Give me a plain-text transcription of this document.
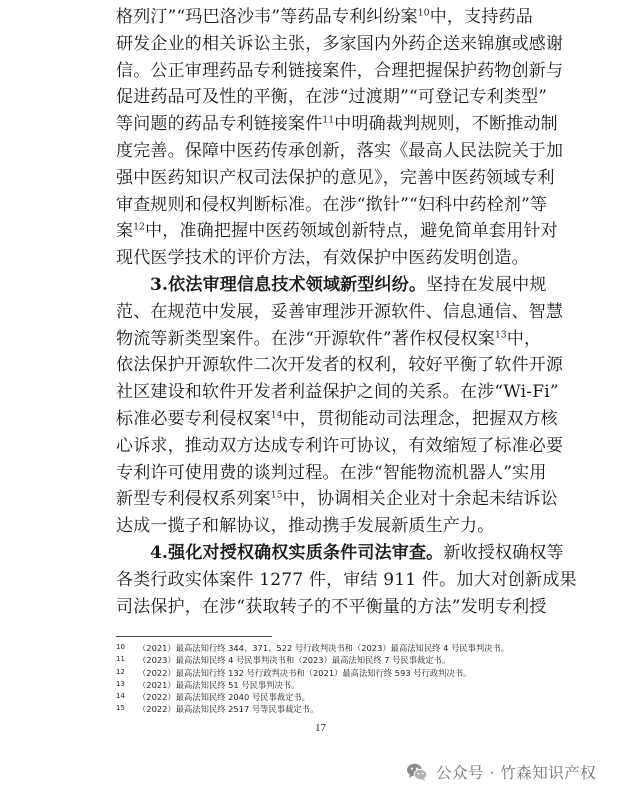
格列汀”“玛巴洛沙韦”等药品专利纠纷案$^{10}$中，支持药品
研发企业的相关诉讼主张，多家国内外药企送来锦旗或感谢
信。公正审理药品专利链接案件，合理把握保护药物创新与
促进药品可及性的平衡，在涉“过渡期”“可登记专利类型”
等问题的药品专利链接案件$^{11}$中明确裁判规则，不断推动制
度完善。保障中医药传承创新，落实《最高人民法院关于加
强中医药知识产权司法保护的意见》，完善中医药领域专利
审查规则和侵权判断标准。在涉“揿针”“妇科中药栓剂”等
案$^{12}$中，准确把握中医药领域创新特点，避免简单套用针对
现代医学技术的评价方法，有效保护中医药发明创造。
3.依法审理信息技术领域新型纠纷。坚持在发展中规
范、在规范中发展，妥善审理涉开源软件、信息通信、智慧
物流等新类型案件。在涉“开源软件”著作权侵权案$^{13}$中，
依法保护开源软件二次开发者的权利，较好平衡了软件开源
社区建设和软件开发者利益保护之间的关系。在涉“Wi-Fi”
标准必要专利侵权案$^{14}$中，贯彻能动司法理念，把握双方核
心诉求，推动双方达成专利许可协议，有效缩短了标准必要
专利许可使用费的谈判过程。在涉“智能物流机器人”实用
新型专利侵权系列案$^{15}$中，协调相关企业对十余起未结诉讼
达成一揽子和解协议，推动携手发展新质生产力。
4.强化对授权确权实质条件司法审查。新收授权确权等
各类行政实体案件 1277 件，审结 911 件。加大对创新成果
司法保护，在涉“获取转子的不平衡量的方法”发明专利授
10 （2021）最高法知行终 344、371、522 号行政判决书和（2023）最高法知民终 4 号民事判决书。
11 （2023）最高法知民终 4 号民事判决书和（2023）最高法知民终 7 号民事裁定书。
12 （2022）最高法知行终 132 号行政判决书和（2021）最高法知行终 593 号行政判决书。
13 （2021）最高法知民终 51 号民事判决书。
14 （2022）最高法知民终 2040 号民事裁定书。
15 （2022）最高法知民终 2517 号等民事裁定书。
17
公众号 · 竹森知识产权
